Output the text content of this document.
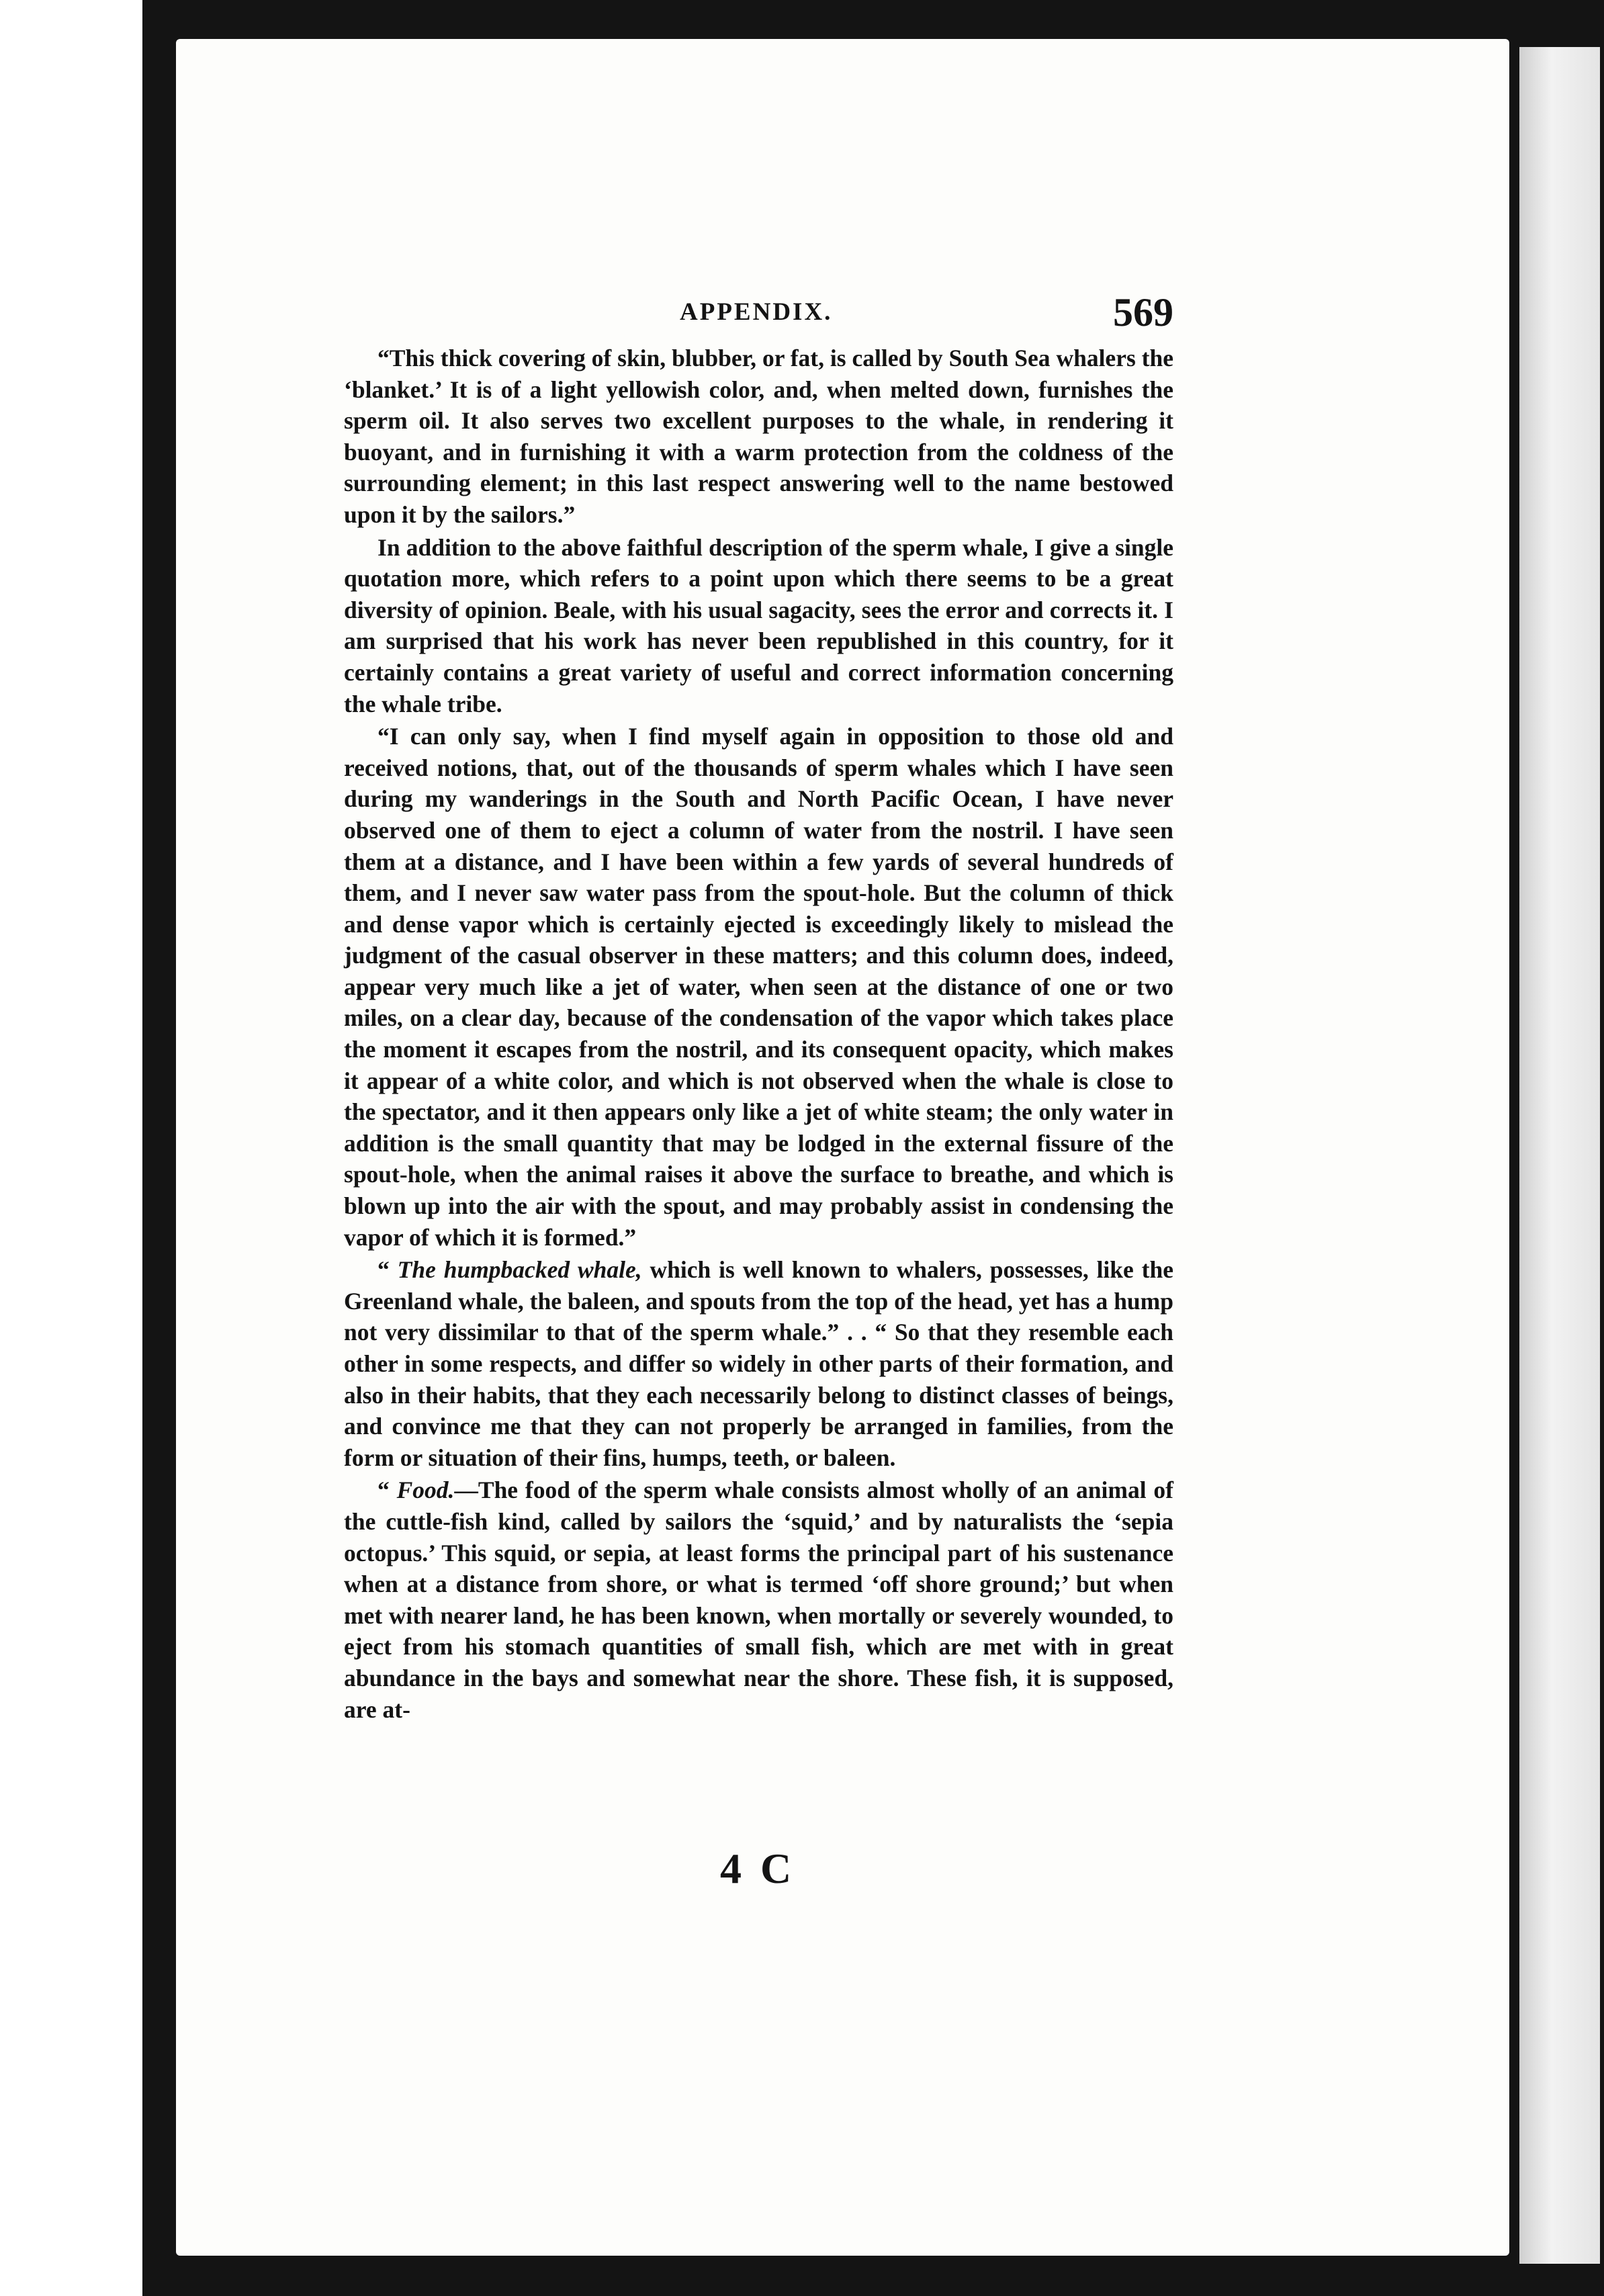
APPENDIX.	569

“This thick covering of skin, blubber, or fat, is called by South Sea whalers the ‘blanket.’ It is of a light yellowish color, and, when melted down, furnishes the sperm oil. It also serves two excellent purposes to the whale, in rendering it buoyant, and in furnishing it with a warm protection from the coldness of the surrounding element; in this last respect answering well to the name bestowed upon it by the sailors.”

In addition to the above faithful description of the sperm whale, I give a single quotation more, which refers to a point upon which there seems to be a great diversity of opinion. Beale, with his usual sagacity, sees the error and corrects it. I am surprised that his work has never been republished in this country, for it certainly contains a great variety of useful and correct information concerning the whale tribe.

“I can only say, when I find myself again in opposition to those old and received notions, that, out of the thousands of sperm whales which I have seen during my wanderings in the South and North Pacific Ocean, I have never observed one of them to eject a column of water from the nostril. I have seen them at a distance, and I have been within a few yards of several hundreds of them, and I never saw water pass from the spout-hole. But the column of thick and dense vapor which is certainly ejected is exceedingly likely to mislead the judgment of the casual observer in these matters; and this column does, indeed, appear very much like a jet of water, when seen at the distance of one or two miles, on a clear day, because of the condensation of the vapor which takes place the moment it escapes from the nostril, and its consequent opacity, which makes it appear of a white color, and which is not observed when the whale is close to the spectator, and it then appears only like a jet of white steam; the only water in addition is the small quantity that may be lodged in the external fissure of the spout-hole, when the animal raises it above the surface to breathe, and which is blown up into the air with the spout, and may probably assist in condensing the vapor of which it is formed.”

“ The humpbacked whale, which is well known to whalers, possesses, like the Greenland whale, the baleen, and spouts from the top of the head, yet has a hump not very dissimilar to that of the sperm whale.” . . “ So that they resemble each other in some respects, and differ so widely in other parts of their formation, and also in their habits, that they each necessarily belong to distinct classes of beings, and convince me that they can not properly be arranged in families, from the form or situation of their fins, humps, teeth, or baleen.

“ Food.—The food of the sperm whale consists almost wholly of an animal of the cuttle-fish kind, called by sailors the ‘squid,’ and by naturalists the ‘sepia octopus.’ This squid, or sepia, at least forms the principal part of his sustenance when at a distance from shore, or what is termed ‘off shore ground;’ but when met with nearer land, he has been known, when mortally or severely wounded, to eject from his stomach quantities of small fish, which are met with in great abundance in the bays and somewhat near the shore. These fish, it is supposed, are at-

4 C
